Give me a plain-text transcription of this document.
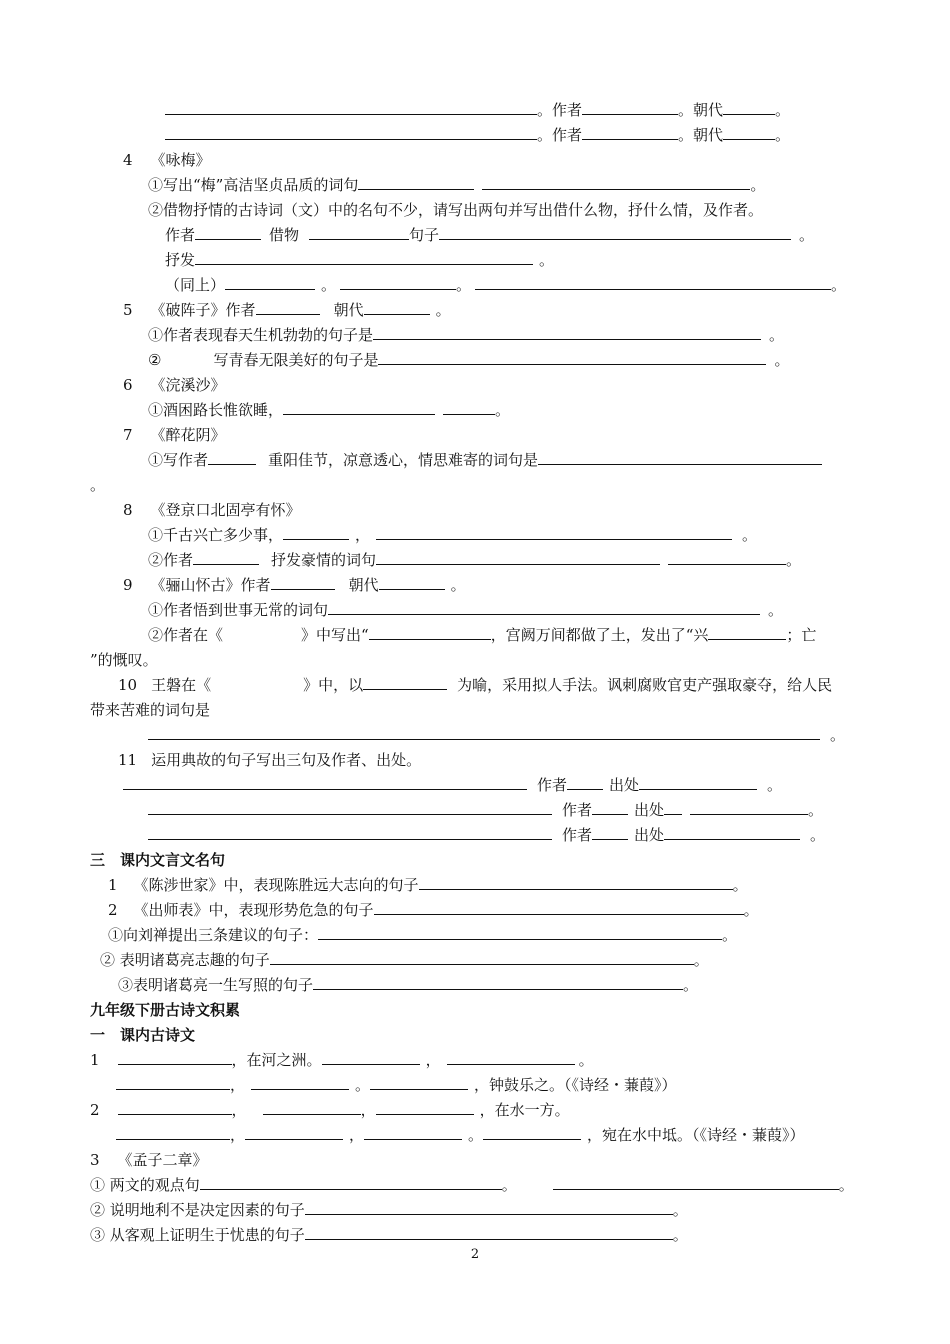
。作者	。朝代	。
。作者	。朝代	。
4 《咏梅》
①写出“梅”高洁坚贞品质的词句	。
②借物抒情的古诗词（文）中的名句不少，请写出两句并写出借什么物，抒什么情，及作者。
作者	借物	句子	。
抒发	。
（同上）	。	。	。
5 《破阵子》作者	朝代	。
①作者表现春天生机勃勃的句子是	。
②	写青春无限美好的句子是	。
6 《浣溪沙》
①酒困路长惟欲睡，	。
7 《醉花阴》
①写作者	重阳佳节，凉意透心，情思难寄的词句是
。
8 《登京口北固亭有怀》
①千古兴亡多少事，	，	。
②作者	抒发豪情的词句	。
9 《骊山怀古》作者	朝代	。
①作者悟到世事无常的词句	。
②作者在《	》中写出“	，宫阙万间都做了土，发出了“兴	；亡
”的慨叹。
10 王磐在《	》中，以	为喻，采用拟人手法。讽刺腐败官吏产强取豪夺，给人民
带来苦难的词句是
。
11 运用典故的句子写出三句及作者、出处。
作者	出处	。
作者	出处	。
作者	出处	。
三　课内文言文名句
1 《陈涉世家》中，表现陈胜远大志向的句子	。
2 《出师表》中，表现形势危急的句子	。
①向刘禅提出三条建议的句子：	。
② 表明诸葛亮志趣的句子	。
③表明诸葛亮一生写照的句子	。
九年级下册古诗文积累
一　课内古诗文
1	，在河之洲。	，	。
，	。	，钟鼓乐之。（《诗经・蒹葭》）
2	，	，	，在水一方。
，	，	。	，宛在水中坻。（《诗经・蒹葭》）
3 《孟子二章》
① 两文的观点句	。	。
② 说明地利不是决定因素的句子	。
③ 从客观上证明生于忧患的句子	。
2
